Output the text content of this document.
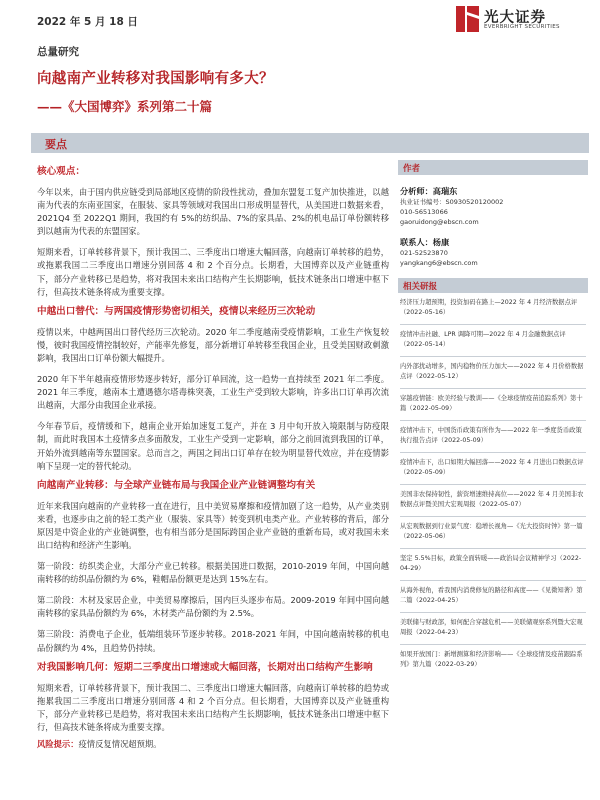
2022 年 5 月 18 日	光大证券
EVERBRIGHT SECURITIES
总量研究
向越南产业转移对我国影响有多大？
——《大国博弈》系列第二十篇
要点
核心观点：
今年以来，由于国内供应链受到局部地区疫情的阶段性扰动，叠加东盟复工复产加快推进，以越南为代表的东南亚国家，在服装、家具等领域对我国出口形成明显替代，从美国进口数据来看，2021Q4 至 2022Q1 期间，我国约有 5%的纺织品、7%的家具品、2%的机电品订单份额转移到以越南为代表的东盟国家。
短期来看，订单转移背景下，预计我国二、三季度出口增速大幅回落，向越南订单转移的趋势，或拖累我国二三季度出口增速分别回落 4 和 2 个百分点。长期看，大国博弈以及产业链重构下，部分产业转移已是趋势，将对我国未来出口结构产生长期影响，低技术链条出口增速中枢下行，但高技术链条将成为重要支撑。
中越出口替代：与两国疫情形势密切相关，疫情以来经历三次轮动
疫情以来，中越两国出口替代经历三次轮动。2020 年二季度越南受疫情影响，工业生产恢复较慢，彼时我国疫情控制较好，产能率先修复，部分新增订单转移至我国企业，且受美国财政刺激影响，我国出口订单份额大幅提升。
2020 年下半年越南疫情形势逐步转好，部分订单回流，这一趋势一直持续至 2021 年二季度。2021 年三季度，越南本土遭遇德尔塔毒株突袭，工业生产受到较大影响，许多出口订单再次流出越南，大部分由我国企业承接。
今年春节后，疫情缓和下，越南企业开始加速复工复产，并在 3 月中旬开放入境限制与防疫限制，而此时我国本土疫情多点多面散发，工业生产受到一定影响，部分之前回流到我国的订单，开始外流到越南等东盟国家。总而言之，两国之间出口订单存在较为明显替代效应，并在疫情影响下呈现一定的替代轮动。
向越南产业转移：与全球产业链布局与我国企业产业链调整均有关
近年来我国向越南的产业转移一直在进行，且中美贸易摩擦和疫情加剧了这一趋势，从产业类别来看，也逐步由之前的轻工类产业（服装、家具等）转变到机电类产业。产业转移的背后，部分原因是中资企业的产业链调整，也有相当部分是国际跨国企业产业链的重新布局，或对我国未来出口结构和经济产生影响。
第一阶段：纺织类企业，大部分产业已转移。根据美国进口数据，2010-2019 年间，中国向越南转移的纺织品份额约为 6%，鞋帽品份额更是达到 15%左右。
第二阶段：木材及家居企业，中美贸易摩擦后，国内巨头逐步布局。2009-2019 年间中国向越南转移的家具品份额约为 6%，木材类产品份额约为 2.5%。
第三阶段：消费电子企业，低端组装环节逐步转移。2018-2021 年间，中国向越南转移的机电品份额约为 4%，且趋势仍持续。
对我国影响几何：短期二三季度出口增速或大幅回落，长期对出口结构产生影响
短期来看，订单转移背景下，预计我国二、三季度出口增速大幅回落，向越南订单转移的趋势或拖累我国二三季度出口增速分别回落 4 和 2 个百分点。但长期看，大国博弈以及产业链重构下，部分产业转移已是趋势，将对我国未来出口结构产生长期影响，低技术链条出口增速中枢下行，但高技术链条将成为重要支撑。
风险提示：疫情反复情况超预期。
作者
分析师：高瑞东
执业证书编号：S0930520120002
010-56513066
gaoruidong@ebscn.com
联系人：杨康
021-52523870
yangkang6@ebscn.com
相关研报
经济压力超预期，投资加码在路上—2022 年 4 月经济数据点评（2022-05-16）
疫情冲击社融、LPR 调降可期—2022 年 4 月金融数据点评（2022-05-14）
内外部扰动增多，国内稳物价压力加大——2022 年 4 月价格数据点评（2022-05-12）
穿越疫情链：欧美经验与教训——《全球疫情疫苗追踪系列》第十篇（2022-05-09）
疫情冲击下，中国货币政策有所作为——2022 年一季度货币政策执行报告点评（2022-05-09）
疫情冲击下，出口如期大幅回落——2022 年 4 月进出口数据点评（2022-05-09）
美国非农保持韧性，薪资增速维持高位——2022 年 4 月美国非农数据点评暨美国大宏观周报（2022-05-07）
从宏观数据到行业景气度：稳增长视角—《光大投资时钟》第一篇（2022-05-06）
坚定 5.5%目标，政策全面转暖——政治局会议精神学习（2022-04-29）
从海外视角，看我国内消费修复的路径和高度——《见微知著》第二篇（2022-04-25）
美联储与财政部，如何配合穿越危机——美联储观察系列暨大宏观周报（2022-04-23）
如果开放国门：新增测算和经济影响——《全球疫情及疫苗跟踪系列》第九篇（2022-03-29）
